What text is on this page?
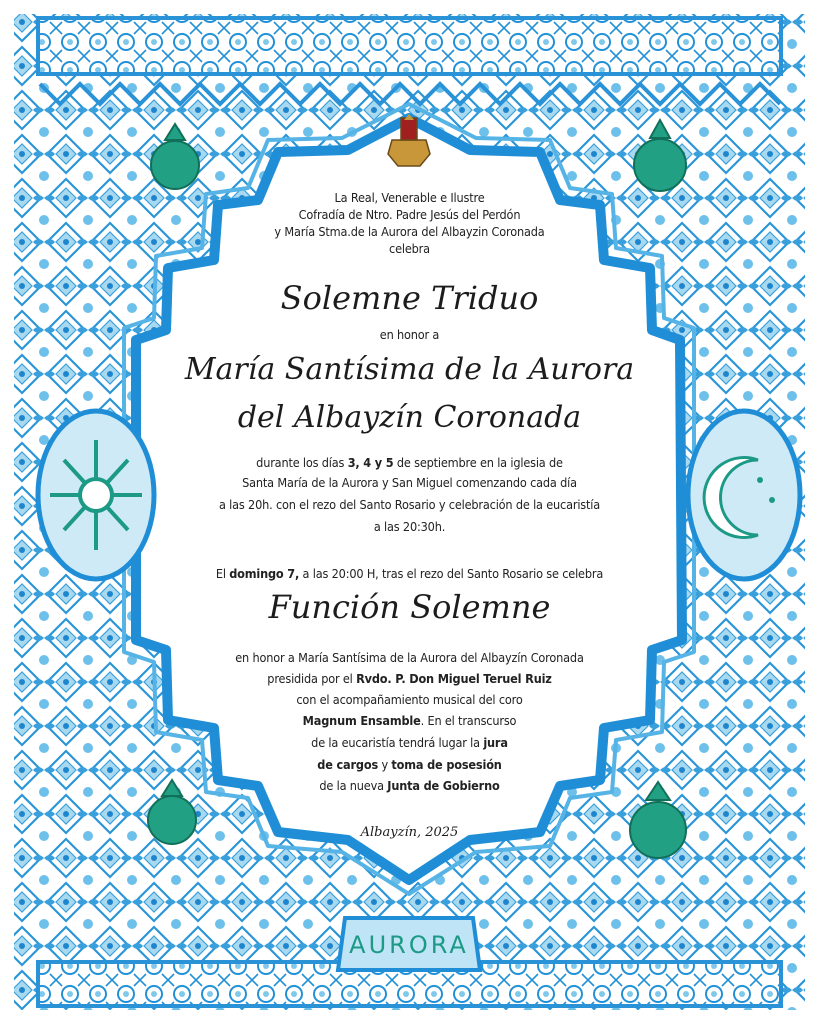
AURORA

La Real, Venerable e Ilustre

Cofradía de Ntro. Padre Jesús del Perdón

y María Stma.de la Aurora del Albayzin Coronada

celebra

Solemne Triduo

en honor a

María Santísima de la Aurora

del Albayzín Coronada

durante los días 3, 4 y 5 de septiembre en la iglesia de

Santa María de la Aurora y San Miguel comenzando cada día

a las 20h. con el rezo del Santo Rosario y celebración de la eucaristía

a las 20:30h.

El domingo 7, a las 20:00 H, tras el rezo del Santo Rosario se celebra

Función Solemne

en honor a María Santísima de la Aurora del Albayzín Coronada

presidida por el Rvdo. P. Don Miguel Teruel Ruiz

con el acompañamiento musical del coro

Magnum Ensamble. En el transcurso

de la eucaristía tendrá lugar la jura

de cargos y toma de posesión

de la nueva Junta de Gobierno

Albayzín, 2025
